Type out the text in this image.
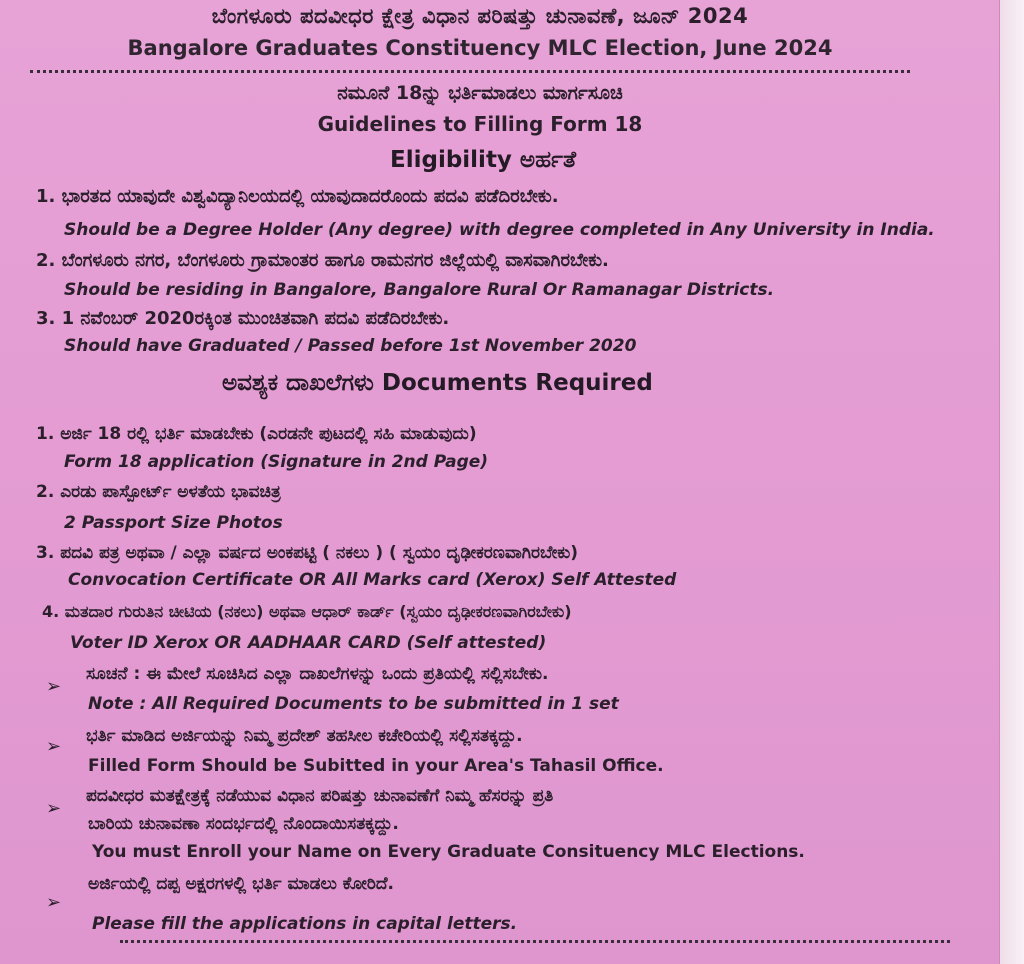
ಬೆಂಗಳೂರು ಪದವೀಧರ ಕ್ಷೇತ್ರ ವಿಧಾನ ಪರಿಷತ್ತು ಚುನಾವಣೆ, ಜೂನ್ 2024
Bangalore Graduates Constituency MLC Election, June 2024
ನಮೂನೆ 18ನ್ನು ಭರ್ತಿಮಾಡಲು ಮಾರ್ಗಸೂಚಿ
Guidelines to Filling Form 18
Eligibility ಅರ್ಹತೆ
1. ಭಾರತದ ಯಾವುದೇ ವಿಶ್ವವಿದ್ಯಾನಿಲಯದಲ್ಲಿ ಯಾವುದಾದರೊಂದು ಪದವಿ ಪಡೆದಿರಬೇಕು.
Should be a Degree Holder (Any degree) with degree completed in Any University in India.
2. ಬೆಂಗಳೂರು ನಗರ, ಬೆಂಗಳೂರು ಗ್ರಾಮಾಂತರ ಹಾಗೂ ರಾಮನಗರ ಜಿಲ್ಲೆಯಲ್ಲಿ ವಾಸವಾಗಿರಬೇಕು.
Should be residing in Bangalore, Bangalore Rural Or Ramanagar Districts.
3. 1 ನವೆಂಬರ್ 2020ರಕ್ಕಿಂತ ಮುಂಚಿತವಾಗಿ ಪದವಿ ಪಡೆದಿರಬೇಕು.
Should have Graduated / Passed before 1st November 2020
ಅವಶ್ಯಕ ದಾಖಲೆಗಳು Documents Required
1. ಅರ್ಜಿ 18 ರಲ್ಲಿ ಭರ್ತಿ ಮಾಡಬೇಕು (ಎರಡನೇ ಪುಟದಲ್ಲಿ ಸಹಿ ಮಾಡುವುದು)
Form 18 application (Signature in 2nd Page)
2. ಎರಡು ಪಾಸ್ಪೋರ್ಟ್ ಅಳತೆಯ ಭಾವಚಿತ್ರ
2 Passport Size Photos
3. ಪದವಿ ಪತ್ರ ಅಥವಾ / ಎಲ್ಲಾ ವರ್ಷದ ಅಂಕಪಟ್ಟಿ ( ನಕಲು ) ( ಸ್ವಯಂ ದೃಢೀಕರಣವಾಗಿರಬೇಕು)
Convocation Certificate OR All Marks card (Xerox) Self Attested
4. ಮತದಾರ ಗುರುತಿನ ಚೀಟಿಯ (ನಕಲು) ಅಥವಾ ಆಧಾರ್ ಕಾರ್ಡ್ (ಸ್ವಯಂ ದೃಢೀಕರಣವಾಗಿರಬೇಕು)
Voter ID Xerox OR AADHAAR CARD (Self attested)
➢
ಸೂಚನೆ : ಈ ಮೇಲೆ ಸೂಚಿಸಿದ ಎಲ್ಲಾ ದಾಖಲೆಗಳನ್ನು ಒಂದು ಪ್ರತಿಯಲ್ಲಿ ಸಲ್ಲಿಸಬೇಕು.
Note : All Required Documents to be submitted in 1 set
➢ ಭರ್ತಿ ಮಾಡಿದ ಅರ್ಜಿಯನ್ನು ನಿಮ್ಮ ಪ್ರದೇಶ್ ತಹಸೀಲ ಕಚೇರಿಯಲ್ಲಿ ಸಲ್ಲಿಸತಕ್ಕದ್ದು.
Filled Form Should be Subitted in your Area's Tahasil Office.
➢
ಪದವೀಧರ ಮತಕ್ಷೇತ್ರಕ್ಕೆ ನಡೆಯುವ ವಿಧಾನ ಪರಿಷತ್ತು ಚುನಾವಣೆಗೆ ನಿಮ್ಮ ಹೆಸರನ್ನು ಪ್ರತಿ
ಬಾರಿಯ ಚುನಾವಣಾ ಸಂದರ್ಭದಲ್ಲಿ ನೊಂದಾಯಿಸತಕ್ಕದ್ದು.
You must Enroll your Name on Every Graduate Consituency MLC Elections.
➢
ಅರ್ಜಿಯಲ್ಲಿ ದಪ್ಪ ಅಕ್ಷರಗಳಲ್ಲಿ ಭರ್ತಿ ಮಾಡಲು ಕೋರಿದೆ.
Please fill the applications in capital letters.
